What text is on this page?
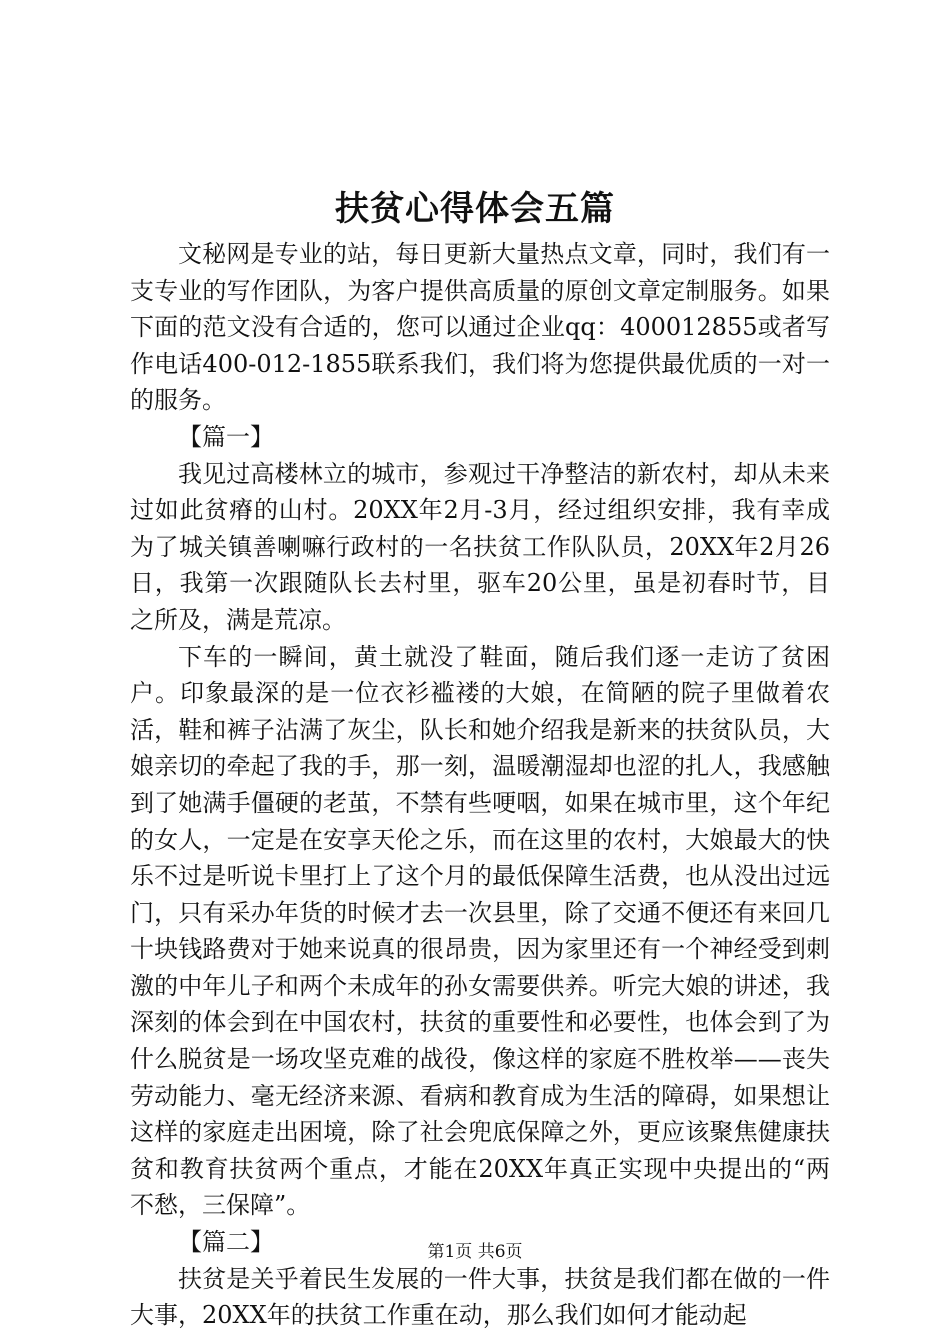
扶贫心得体会五篇

文秘网是专业的站，每日更新大量热点文章，同时，我们有一支专业的写作团队，为客户提供高质量的原创文章定制服务。如果下面的范文没有合适的，您可以通过企业qq：400012855或者写作电话400-012-1855联系我们，我们将为您提供最优质的一对一的服务。

【篇一】

我见过高楼林立的城市，参观过干净整洁的新农村，却从未来过如此贫瘠的山村。20XX年2月-3月，经过组织安排，我有幸成为了城关镇善喇嘛行政村的一名扶贫工作队队员，20XX年2月26日，我第一次跟随队长去村里，驱车20公里，虽是初春时节，目之所及，满是荒凉。

下车的一瞬间，黄土就没了鞋面，随后我们逐一走访了贫困户。印象最深的是一位衣衫褴褛的大娘，在简陋的院子里做着农活，鞋和裤子沾满了灰尘，队长和她介绍我是新来的扶贫队员，大娘亲切的牵起了我的手，那一刻，温暖潮湿却也涩的扎人，我感触到了她满手僵硬的老茧，不禁有些哽咽，如果在城市里，这个年纪的女人，一定是在安享天伦之乐，而在这里的农村，大娘最大的快乐不过是听说卡里打上了这个月的最低保障生活费，也从没出过远门，只有采办年货的时候才去一次县里，除了交通不便还有来回几十块钱路费对于她来说真的很昂贵，因为家里还有一个神经受到刺激的中年儿子和两个未成年的孙女需要供养。听完大娘的讲述，我深刻的体会到在中国农村，扶贫的重要性和必要性，也体会到了为什么脱贫是一场攻坚克难的战役，像这样的家庭不胜枚举——丧失劳动能力、毫无经济来源、看病和教育成为生活的障碍，如果想让这样的家庭走出困境，除了社会兜底保障之外，更应该聚焦健康扶贫和教育扶贫两个重点，才能在20XX年真正实现中央提出的“两不愁，三保障”。

【篇二】

扶贫是关乎着民生发展的一件大事，扶贫是我们都在做的一件大事，20XX年的扶贫工作重在动，那么我们如何才能动起

第1页 共6页
